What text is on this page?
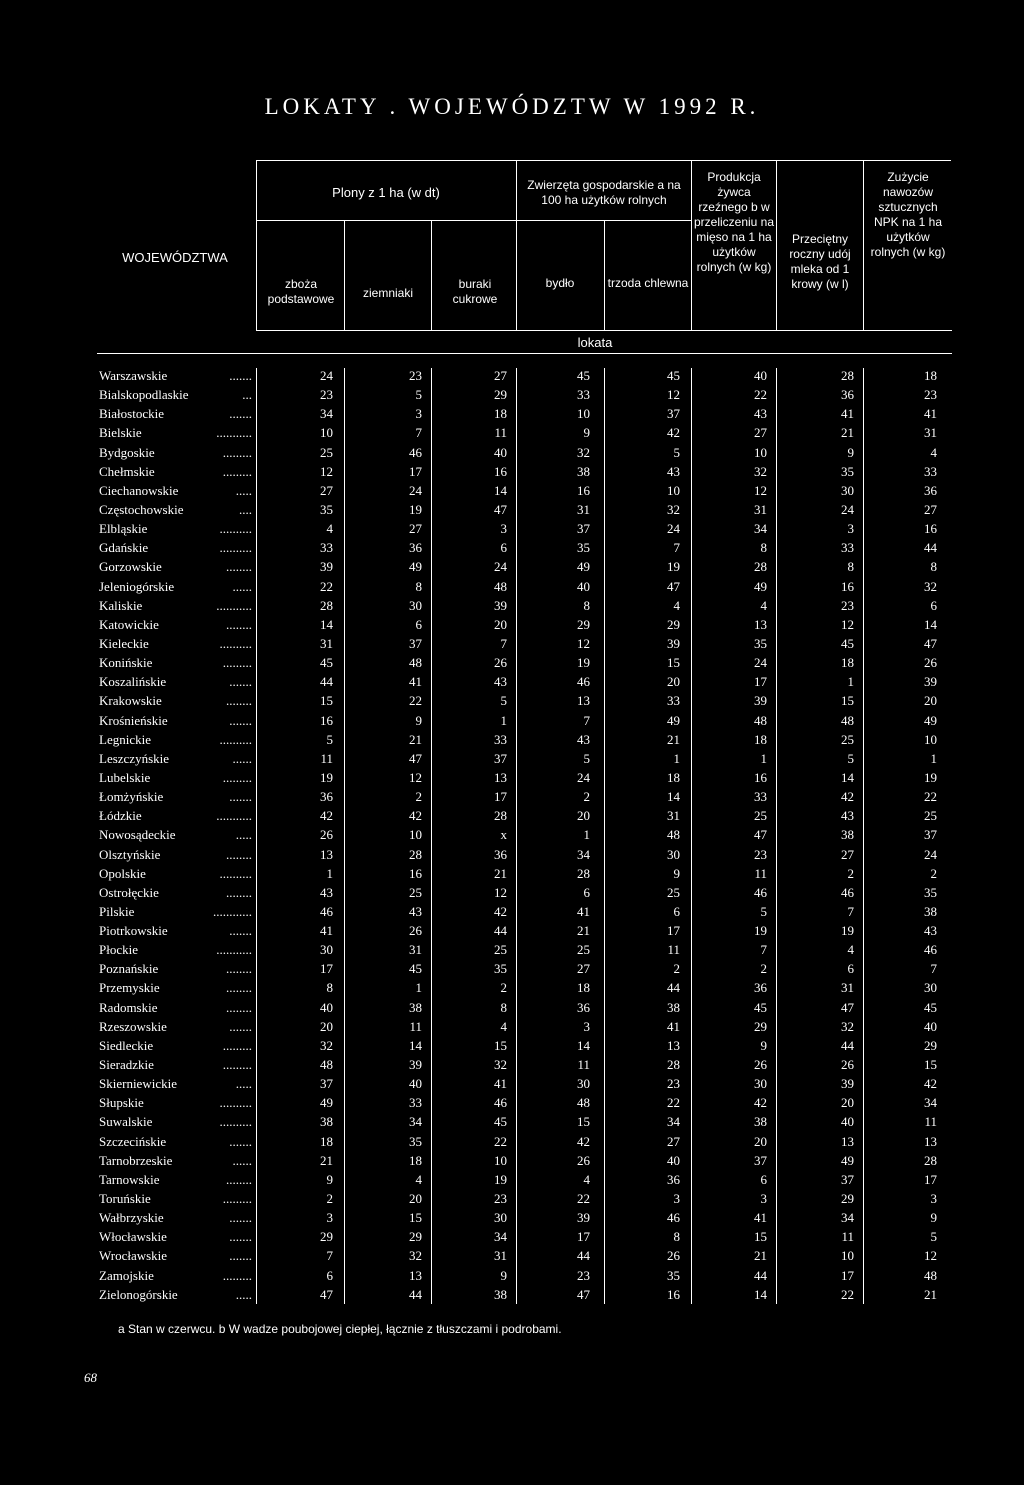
LOKATY . WOJEWÓDZTW W 1992 R.
WOJEWÓDZTWA
Plony z 1 ha (w dt)	Zwierzęta gospodarskie a na 100 ha użytków rolnych
zboża podstawowe	ziemniaki
buraki cukrowe
bydło	trzoda chlewna
Produkcja żywca rzeźnego b w przeliczeniu na mięso na 1 ha użytków rolnych (w kg)
Przeciętny roczny udój mleka od 1 krowy (w l)
Zużycie nawozów sztucznych NPK na 1 ha użytków rolnych (w kg)
lokata
Warszawskie	.......	24	23	27	45	45	40	28	18
Bialskopodlaskie	...	23	5	29	33	12	22	36	23
Białostockie	.......	34	3	18	10	37	43	41	41
Bielskie	...........	10	7	11	9	42	27	21	31
Bydgoskie	.........	25	46	40	32	5	10	9	4
Chełmskie	.........	12	17	16	38	43	32	35	33
Ciechanowskie	.....	27	24	14	16	10	12	30	36
Częstochowskie	....	35	19	47	31	32	31	24	27
Elbląskie	..........	4	27	3	37	24	34	3	16
Gdańskie	..........	33	36	6	35	7	8	33	44
Gorzowskie	........	39	49	24	49	19	28	8	8
Jeleniogórskie	......	22	8	48	40	47	49	16	32
Kaliskie	...........	28	30	39	8	4	4	23	6
Katowickie	........	14	6	20	29	29	13	12	14
Kieleckie	..........	31	37	7	12	39	35	45	47
Konińskie	.........	45	48	26	19	15	24	18	26
Koszalińskie	.......	44	41	43	46	20	17	1	39
Krakowskie	........	15	22	5	13	33	39	15	20
Krośnieńskie	.......	16	9	1	7	49	48	48	49
Legnickie	..........	5	21	33	43	21	18	25	10
Leszczyńskie	......	11	47	37	5	1	1	5	1
Lubelskie	.........	19	12	13	24	18	16	14	19
Łomżyńskie	.......	36	2	17	2	14	33	42	22
Łódzkie	...........	42	42	28	20	31	25	43	25
Nowosądeckie	.....	26	10	x	1	48	47	38	37
Olsztyńskie	........	13	28	36	34	30	23	27	24
Opolskie	..........	1	16	21	28	9	11	2	2
Ostrołęckie	........	43	25	12	6	25	46	46	35
Pilskie	............	46	43	42	41	6	5	7	38
Piotrkowskie	.......	41	26	44	21	17	19	19	43
Płockie	...........	30	31	25	25	11	7	4	46
Poznańskie	........	17	45	35	27	2	2	6	7
Przemyskie	........	8	1	2	18	44	36	31	30
Radomskie	........	40	38	8	36	38	45	47	45
Rzeszowskie	.......	20	11	4	3	41	29	32	40
Siedleckie	.........	32	14	15	14	13	9	44	29
Sieradzkie	.........	48	39	32	11	28	26	26	15
Skierniewickie	.....	37	40	41	30	23	30	39	42
Słupskie	..........	49	33	46	48	22	42	20	34
Suwalskie	..........	38	34	45	15	34	38	40	11
Szczecińskie	.......	18	35	22	42	27	20	13	13
Tarnobrzeskie	......	21	18	10	26	40	37	49	28
Tarnowskie	........	9	4	19	4	36	6	37	17
Toruńskie	.........	2	20	23	22	3	3	29	3
Wałbrzyskie	.......	3	15	30	39	46	41	34	9
Włocławskie	.......	29	29	34	17	8	15	11	5
Wrocławskie	.......	7	32	31	44	26	21	10	12
Zamojskie	.........	6	13	9	23	35	44	17	48
Zielonogórskie	.....	47	44	38	47	16	14	22	21
a Stan w czerwcu. b W wadze poubojowej ciepłej, łącznie z tłuszczami i podrobami.
68
